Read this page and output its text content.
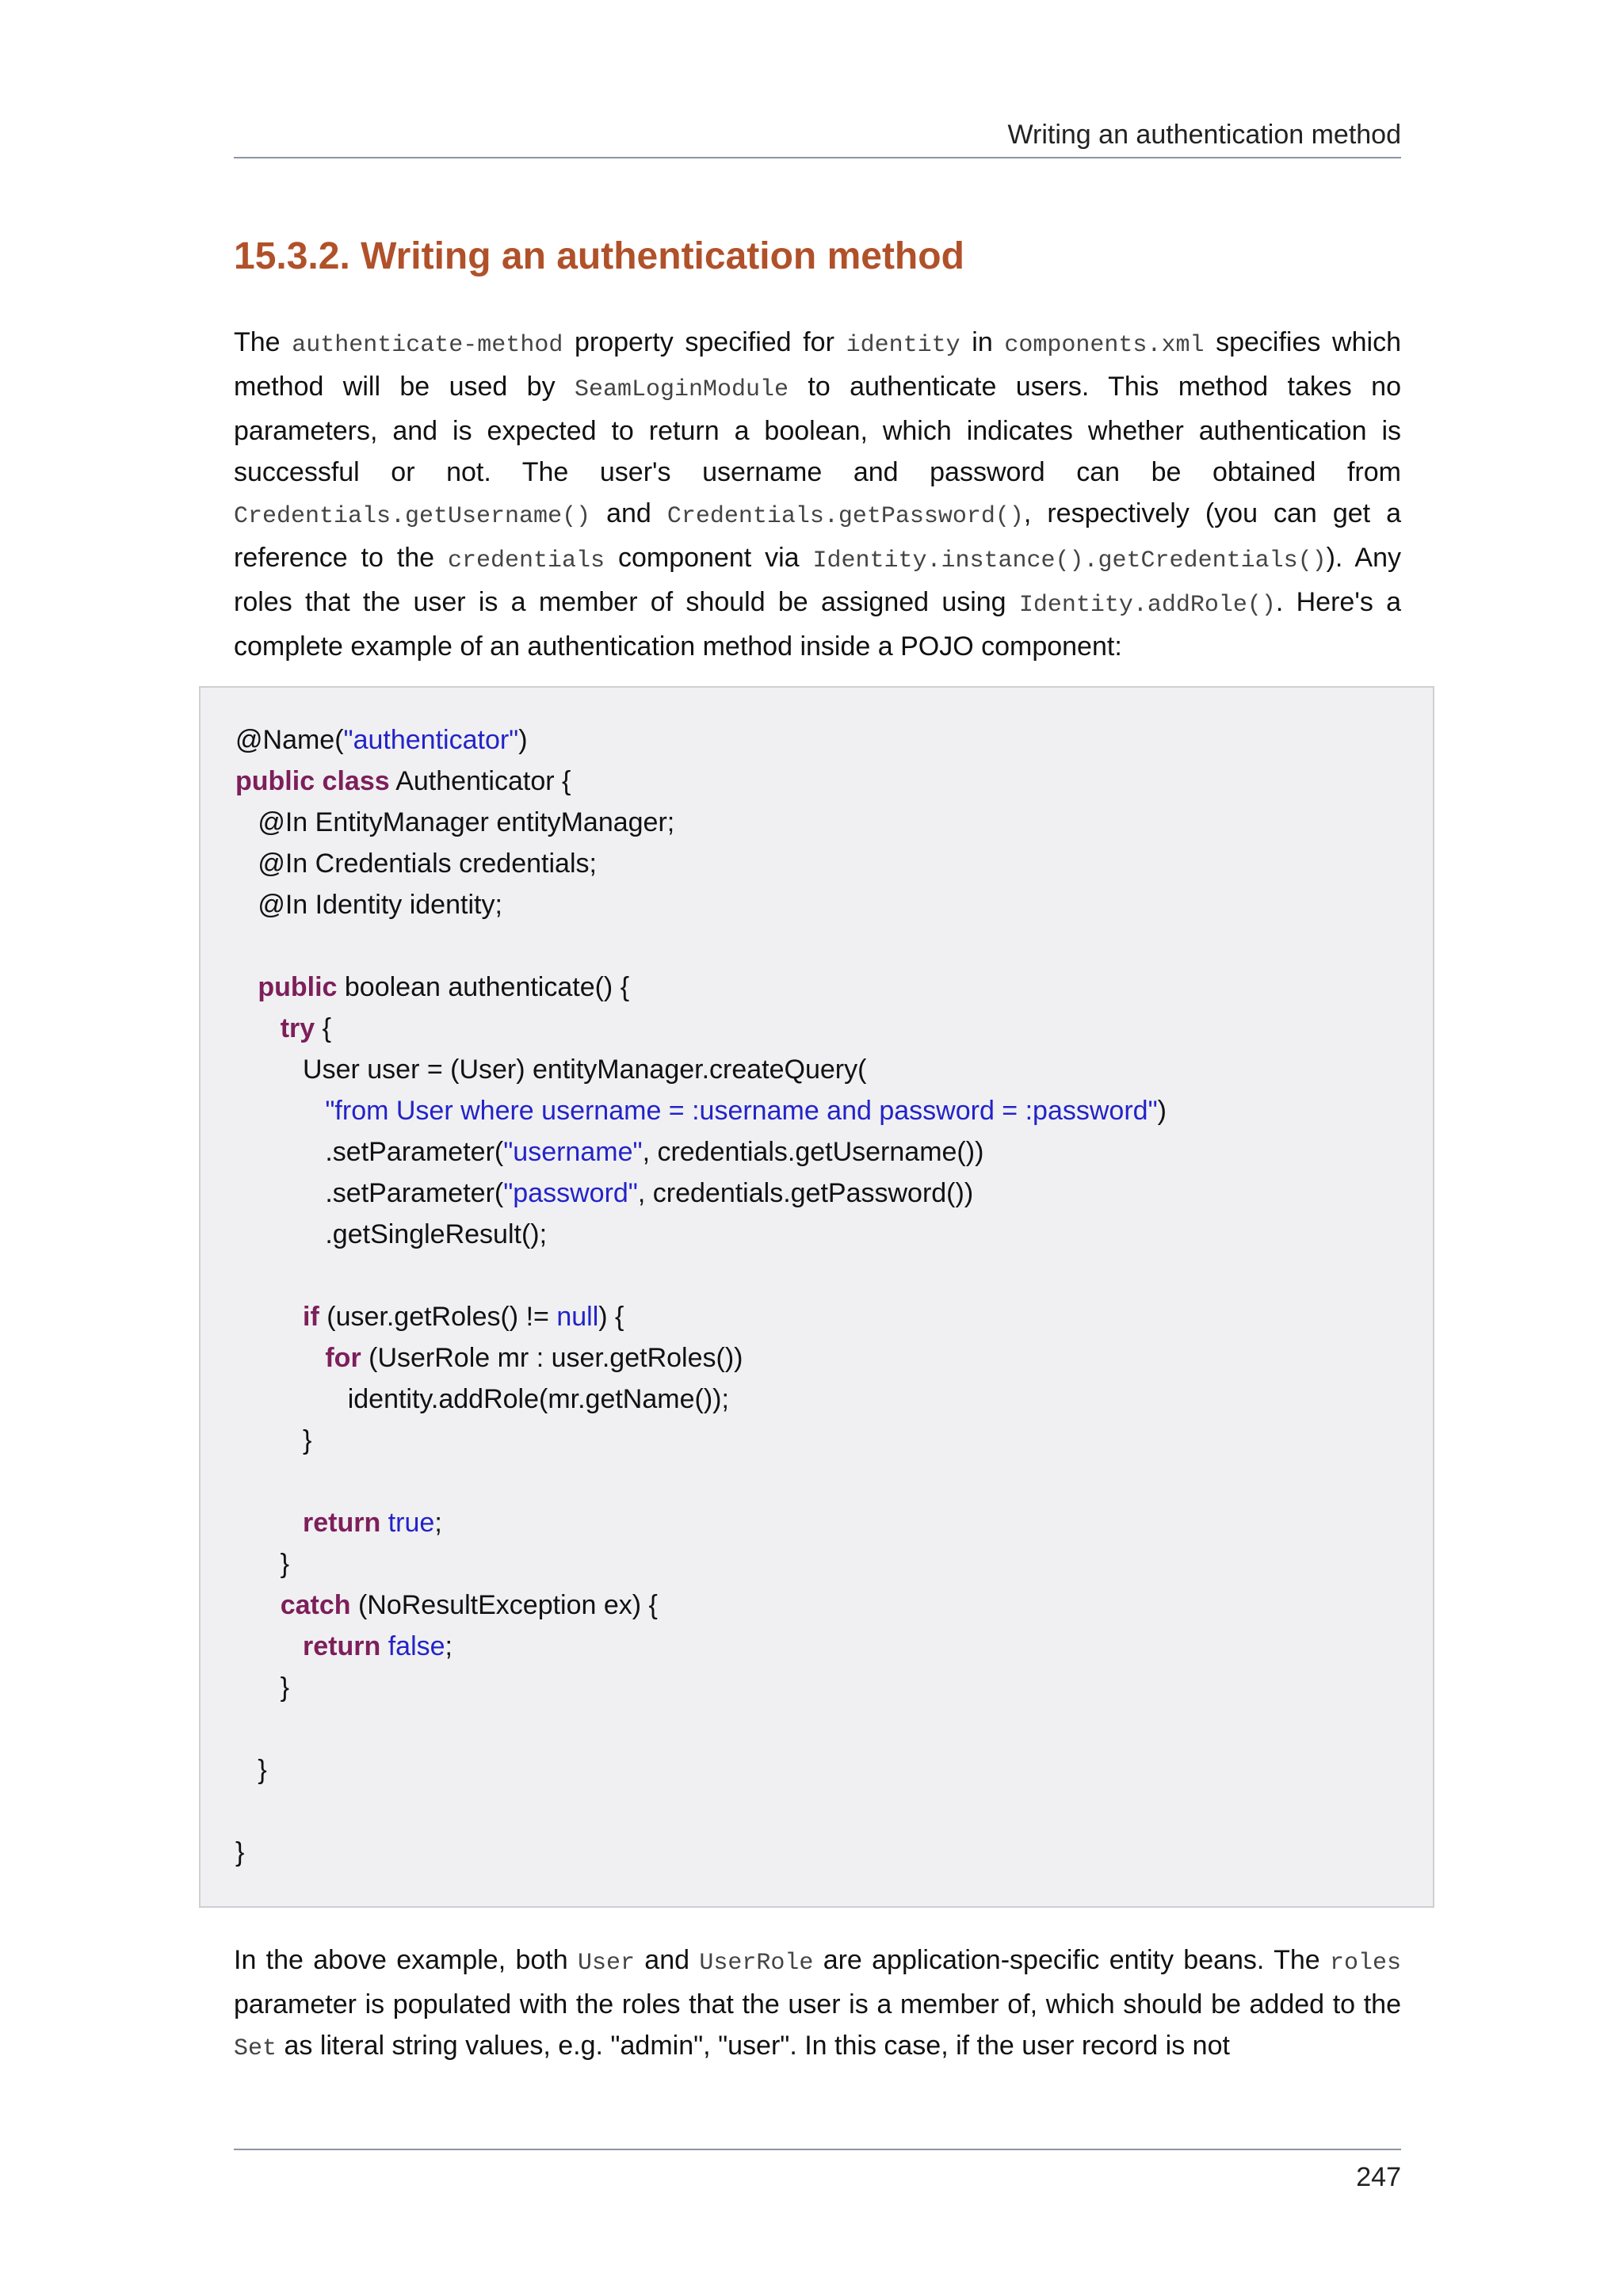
Writing an authentication method
15.3.2. Writing an authentication method

The authenticate-method property specified for identity in components.xml specifies which method will be used by SeamLoginModule to authenticate users. This method takes no parameters, and is expected to return a boolean, which indicates whether authentication is successful or not. The user's username and password can be obtained from Credentials.getUsername() and Credentials.getPassword(), respectively (you can get a reference to the credentials component via Identity.instance().getCredentials()). Any roles that the user is a member of should be assigned using Identity.addRole(). Here's a complete example of an authentication method inside a POJO component:

@Name("authenticator")
public class Authenticator {
@In EntityManager entityManager;
@In Credentials credentials;
@In Identity identity;
public boolean authenticate() {
try {
User user = (User) entityManager.createQuery(
"from User where username = :username and password = :password")
.setParameter("username", credentials.getUsername())
.setParameter("password", credentials.getPassword())
.getSingleResult();
if (user.getRoles() != null) {
for (UserRole mr : user.getRoles())
identity.addRole(mr.getName());
}
return true;
}
catch (NoResultException ex) {
return false;
}
}
}

In the above example, both User and UserRole are application-specific entity beans. The roles parameter is populated with the roles that the user is a member of, which should be added to the Set as literal string values, e.g. "admin", "user". In this case, if the user record is not

247
